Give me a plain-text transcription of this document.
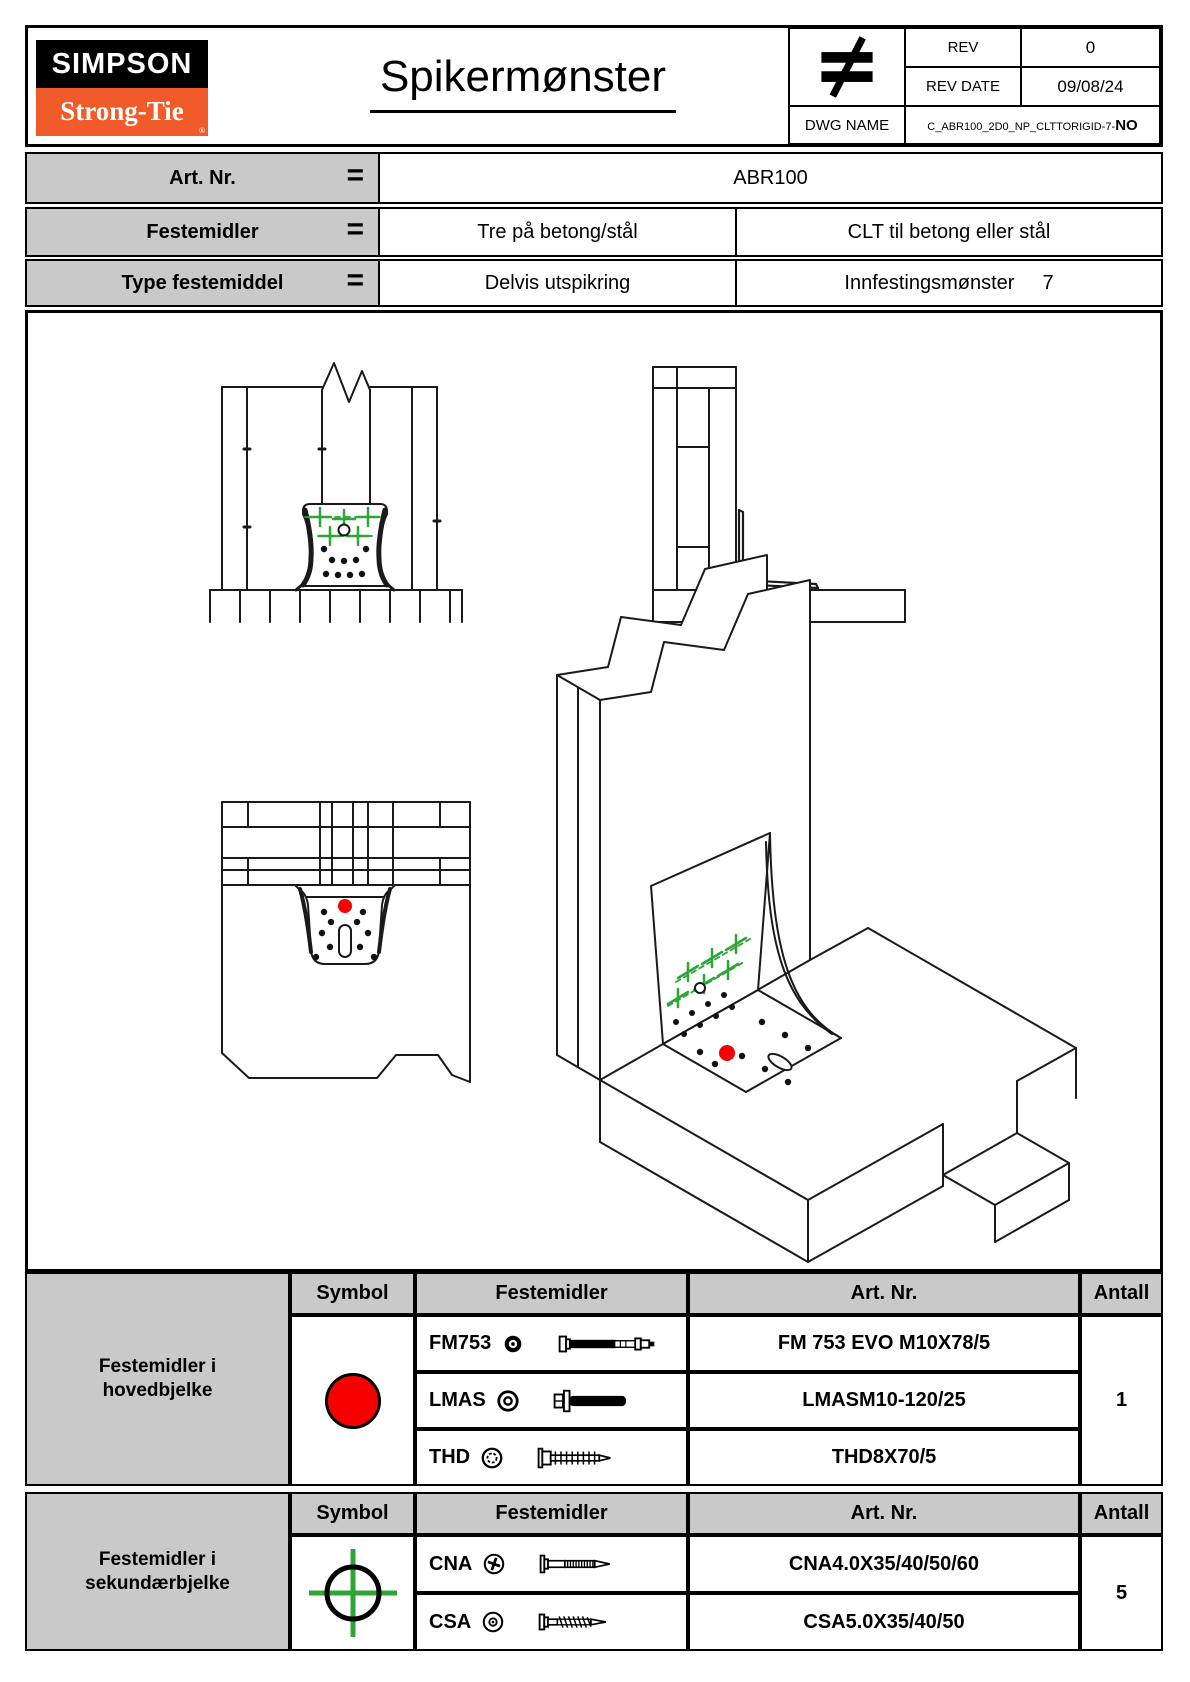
SIMPSON
Strong-Tie
®
Spikermønster
DWG NAME
REV	0
REV DATE	09/08/24
C_ABR100_2D0_NP_CLTTORIGID-7-NO
Art. Nr.	=	ABR100
Festemidler	=	Tre på betong/stål	CLT til betong eller stål
Type festemiddel =	Delvis utspikring	Innfestingsmønster 7
Festemidler i
hovedbjelke
Symbol	Festemidler	Art. Nr.	Antall
FM753	FM 753 EVO M10X78/5
LMAS	LMASM10-120/25
THD	THD8X70/5
1
Festemidler i
sekundærbjelke
Symbol	Festemidler	Art. Nr.	Antall
CNA	CNA4.0X35/40/50/60
CSA	CSA5.0X35/40/50
5
